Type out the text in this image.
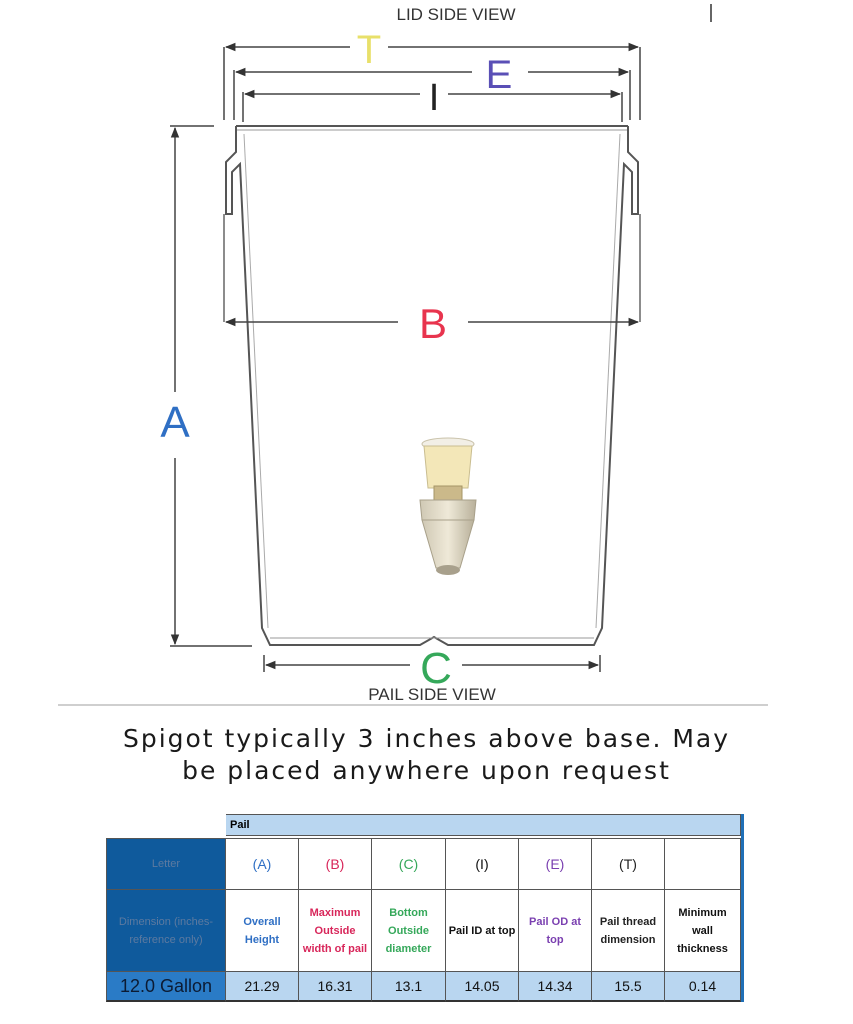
LID SIDE VIEW
T
E
I
B
A
C
PAIL SIDE VIEW
Spigot typically 3 inches above base. May
be placed anywhere upon request
Pail
Letter
Dimension (inches- reference only)
(A)
Overall Height
21.29
(B)
Maximum Outside width of pail
16.31
(C)
Bottom Outside diameter
13.1
(I)
Pail ID at top
14.05
(E)
Pail OD at top
14.34
(T)
Pail thread dimension
15.5
Minimum wall thickness
0.14
12.0 Gallon
